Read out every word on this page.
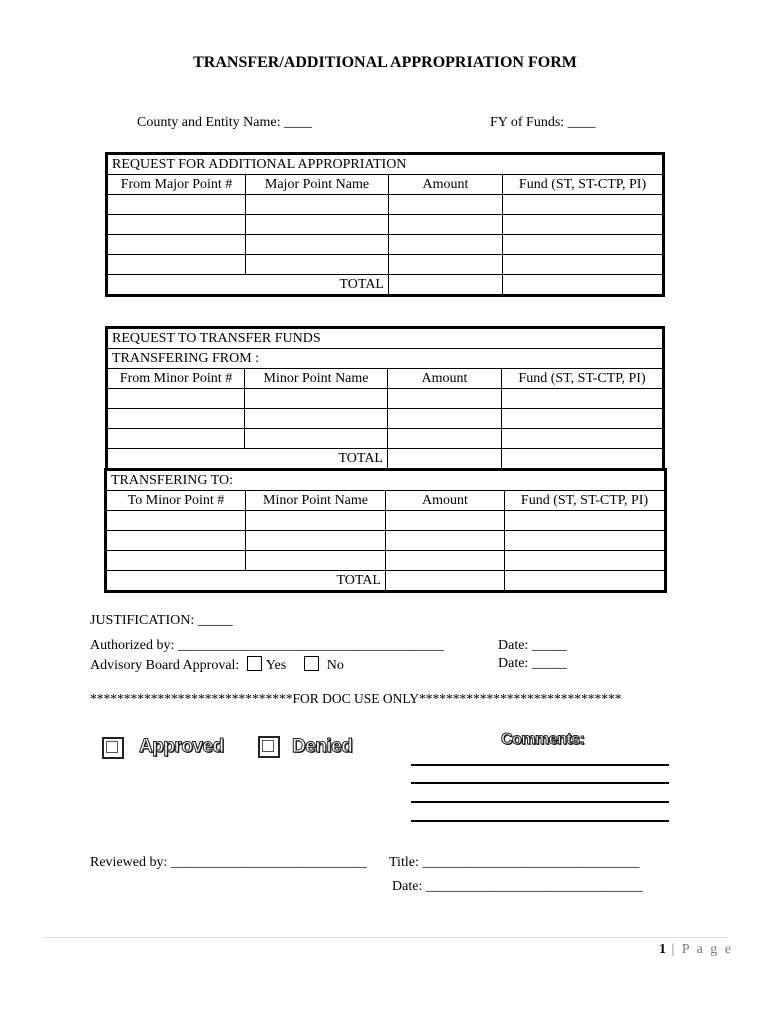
TRANSFER/ADDITIONAL APPROPRIATION FORM
County and Entity Name: ____	FY of Funds: ____
REQUEST FOR ADDITIONAL APPROPRIATION			
From Major Point #	Major Point Name	Amount	Fund (ST, ST-CTP, PI)

TOTAL			
REQUEST TO TRANSFER FUNDS			
TRANSFERING FROM :			
From Minor Point #	Minor Point Name	Amount	Fund (ST, ST-CTP, PI)

TOTAL			
TRANSFERING TO:			
To Minor Point #	Minor Point Name	Amount	Fund (ST, ST-CTP, PI)

TOTAL			
JUSTIFICATION: _____
Authorized by: ______________________________________	Date: _____
Advisory Board Approval: Yes	No	Date: _____
******************************FOR DOC USE ONLY******************************
Approved	Denied	Comments:
Reviewed by: ____________________________ Title: _______________________________
Date: _______________________________
1 | P a g e
